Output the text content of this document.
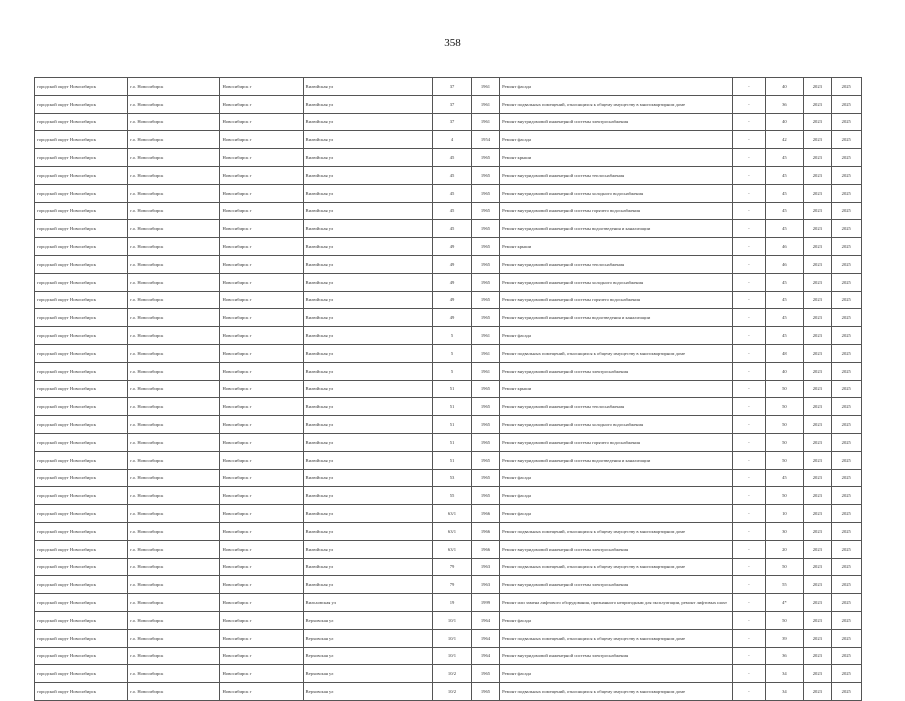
358
городской округ Новосибирск	г.о. Новосибирск	Новосибирск г	Вилюйская ул	37	1961	Ремонт фасада	-	40	2023	2025
городской округ Новосибирск	г.о. Новосибирск	Новосибирск г	Вилюйская ул	37	1961	Ремонт подвальных помещений, относящихся к общему имуществу в многоквартирном доме	-	36	2023	2025
городской округ Новосибирск	г.о. Новосибирск	Новосибирск г	Вилюйская ул	37	1961	Ремонт внутридомовой инженерной системы электроснабжения	-	40	2023	2025
городской округ Новосибирск	г.о. Новосибирск	Новосибирск г	Вилюйская ул	4	1954	Ремонт фасада	-	42	2023	2025
городской округ Новосибирск	г.о. Новосибирск	Новосибирск г	Вилюйская ул	45	1965	Ремонт крыши	-	45	2023	2025
городской округ Новосибирск	г.о. Новосибирск	Новосибирск г	Вилюйская ул	45	1965	Ремонт внутридомовой инженерной системы теплоснабжения	-	45	2023	2025
городской округ Новосибирск	г.о. Новосибирск	Новосибирск г	Вилюйская ул	45	1965	Ремонт внутридомовой инженерной системы холодного водоснабжения	-	45	2023	2025
городской округ Новосибирск	г.о. Новосибирск	Новосибирск г	Вилюйская ул	45	1965	Ремонт внутридомовой инженерной системы горячего водоснабжения	-	45	2023	2025
городской округ Новосибирск	г.о. Новосибирск	Новосибирск г	Вилюйская ул	45	1965	Ремонт внутридомовой инженерной системы водоотведения и канализации	-	45	2023	2025
городской округ Новосибирск	г.о. Новосибирск	Новосибирск г	Вилюйская ул	49	1965	Ремонт крыши	-	46	2023	2025
городской округ Новосибирск	г.о. Новосибирск	Новосибирск г	Вилюйская ул	49	1965	Ремонт внутридомовой инженерной системы теплоснабжения	-	46	2023	2025
городской округ Новосибирск	г.о. Новосибирск	Новосибирск г	Вилюйская ул	49	1965	Ремонт внутридомовой инженерной системы холодного водоснабжения	-	45	2023	2025
городской округ Новосибирск	г.о. Новосибирск	Новосибирск г	Вилюйская ул	49	1965	Ремонт внутридомовой инженерной системы горячего водоснабжения	-	45	2023	2025
городской округ Новосибирск	г.о. Новосибирск	Новосибирск г	Вилюйская ул	49	1965	Ремонт внутридомовой инженерной системы водоотведения и канализации	-	45	2023	2025
городской округ Новосибирск	г.о. Новосибирск	Новосибирск г	Вилюйская ул	5	1961	Ремонт фасада	-	45	2023	2025
городской округ Новосибирск	г.о. Новосибирск	Новосибирск г	Вилюйская ул	5	1961	Ремонт подвальных помещений, относящихся к общему имуществу в многоквартирном доме	-	48	2023	2025
городской округ Новосибирск	г.о. Новосибирск	Новосибирск г	Вилюйская ул	5	1961	Ремонт внутридомовой инженерной системы электроснабжения	-	40	2023	2025
городской округ Новосибирск	г.о. Новосибирск	Новосибирск г	Вилюйская ул	51	1965	Ремонт крыши	-	50	2023	2025
городской округ Новосибирск	г.о. Новосибирск	Новосибирск г	Вилюйская ул	51	1965	Ремонт внутридомовой инженерной системы теплоснабжения	-	50	2023	2025
городской округ Новосибирск	г.о. Новосибирск	Новосибирск г	Вилюйская ул	51	1965	Ремонт внутридомовой инженерной системы холодного водоснабжения	-	50	2023	2025
городской округ Новосибирск	г.о. Новосибирск	Новосибирск г	Вилюйская ул	51	1965	Ремонт внутридомовой инженерной системы горячего водоснабжения	-	50	2023	2025
городской округ Новосибирск	г.о. Новосибирск	Новосибирск г	Вилюйская ул	51	1965	Ремонт внутридомовой инженерной системы водоотведения и канализации	-	50	2023	2025
городской округ Новосибирск	г.о. Новосибирск	Новосибирск г	Вилюйская ул	53	1965	Ремонт фасада	-	45	2023	2025
городской округ Новосибирск	г.о. Новосибирск	Новосибирск г	Вилюйская ул	55	1965	Ремонт фасада	-	50	2023	2025
городской округ Новосибирск	г.о. Новосибирск	Новосибирск г	Вилюйская ул	63/1	1966	Ремонт фасада	-	10	2023	2025
городской округ Новосибирск	г.о. Новосибирск	Новосибирск г	Вилюйская ул	63/1	1966	Ремонт подвальных помещений, относящихся к общему имуществу в многоквартирном доме	-	30	2023	2025
городской округ Новосибирск	г.о. Новосибирск	Новосибирск г	Вилюйская ул	63/1	1966	Ремонт внутридомовой инженерной системы электроснабжения	-	20	2023	2025
городской округ Новосибирск	г.о. Новосибирск	Новосибирск г	Вилюйская ул	79	1963	Ремонт подвальных помещений, относящихся к общему имуществу в многоквартирном доме	-	50	2023	2025
городской округ Новосибирск	г.о. Новосибирск	Новосибирск г	Вилюйская ул	79	1963	Ремонт внутридомовой инженерной системы электроснабжения	-	55	2023	2025
городской округ Новосибирск	г.о. Новосибирск	Новосибирск г	Вильховская ул	19	1999	Ремонт или замена лифтового оборудования, признанного непригодным для эксплуатации, ремонт лифтовых шахт	-	4*	2023	2025
городской округ Новосибирск	г.о. Новосибирск	Новосибирск г	Верховская ул	10/1	1964	Ремонт фасада	-	50	2023	2025
городской округ Новосибирск	г.о. Новосибирск	Новосибирск г	Верховская ул	10/1	1964	Ремонт подвальных помещений, относящихся к общему имуществу в многоквартирном доме	-	39	2023	2025
городской округ Новосибирск	г.о. Новосибирск	Новосибирск г	Верховская ул	10/1	1964	Ремонт внутридомовой инженерной системы электроснабжения	-	36	2023	2025
городской округ Новосибирск	г.о. Новосибирск	Новосибирск г	Верховская ул	10/2	1965	Ремонт фасада	-	34	2023	2025
городской округ Новосибирск	г.о. Новосибирск	Новосибирск г	Верховская ул	10/2	1965	Ремонт подвальных помещений, относящихся к общему имуществу в многоквартирном доме	-	34	2023	2025
